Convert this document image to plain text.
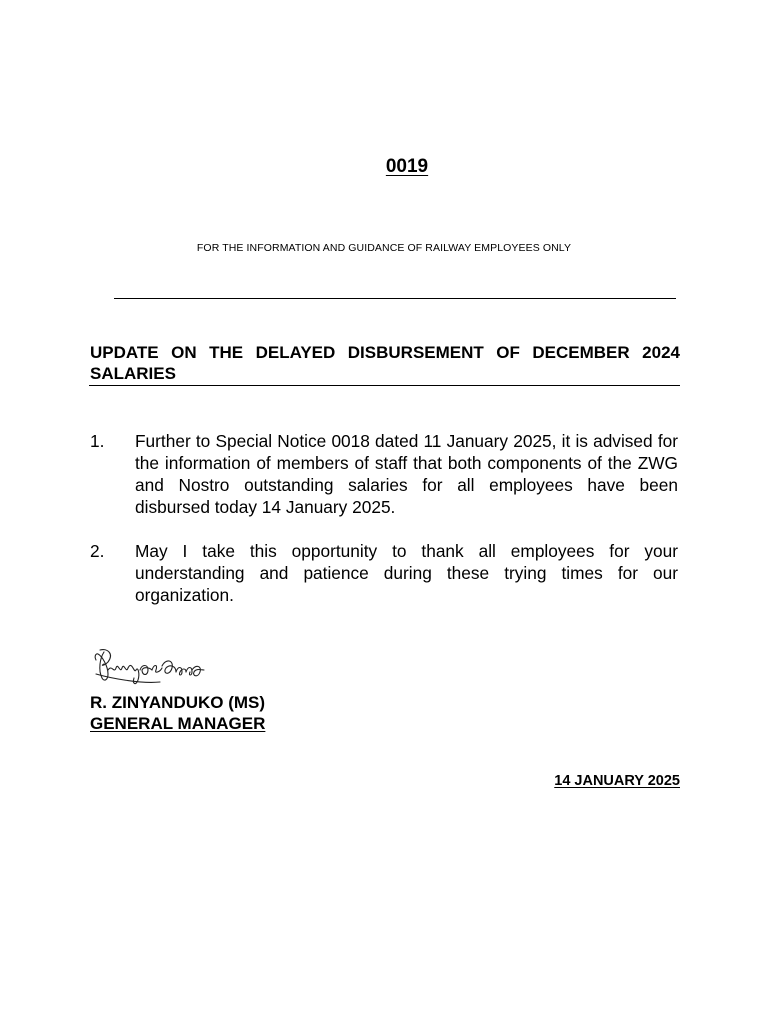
0019
FOR THE INFORMATION AND GUIDANCE OF RAILWAY EMPLOYEES ONLY
UPDATE ON THE DELAYED DISBURSEMENT OF DECEMBER 2024 SALARIES
1. Further to Special Notice 0018 dated 11 January 2025, it is advised for the information of members of staff that both components of the ZWG and Nostro outstanding salaries for all employees have been disbursed today 14 January 2025.
2. May I take this opportunity to thank all employees for your understanding and patience during these trying times for our organization.
R. ZINYANDUKO (MS)
GENERAL MANAGER
14 JANUARY 2025
